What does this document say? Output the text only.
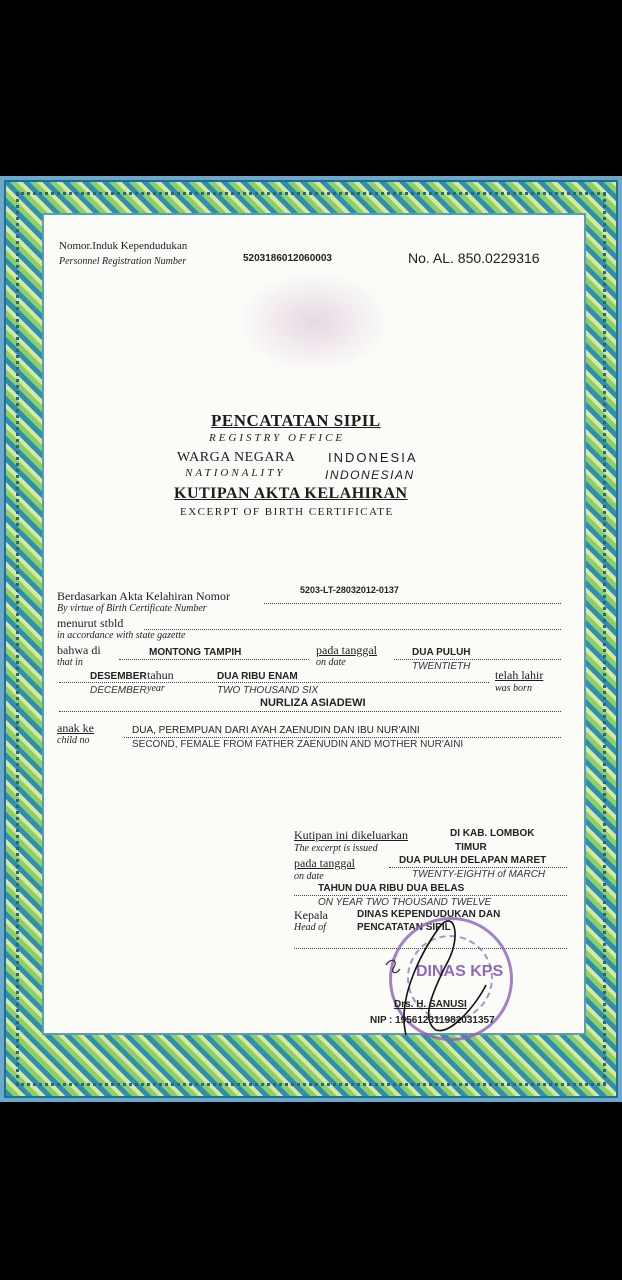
Nomor.Induk Kependudukan
Personnel Registration Number	5203186012060003	No. AL. 850.0229316
PENCATATAN SIPIL
REGISTRY OFFICE
WARGA NEGARA
NATIONALITY
INDONESIA
INDONESIAN
KUTIPAN AKTA KELAHIRAN
EXCERPT OF BIRTH CERTIFICATE
Berdasarkan Akta Kelahiran Nomor
By virtue of Birth Certificate Number
5203-LT-28032012-0137
menurut stbld
in accordance with state gazette
bahwa di
that in
MONTONG TAMPIH	pada tanggal
on date
DUA PULUH
TWENTIETH
DESEMBER
DECEMBER
tahun
year
DUA RIBU ENAM
TWO THOUSAND SIX
telah lahir
was born
NURLIZA ASIADEWI
anak ke
child no
DUA, PEREMPUAN DARI AYAH ZAENUDIN DAN IBU NUR'AINI
SECOND, FEMALE FROM FATHER ZAENUDIN AND MOTHER NUR'AINI
Kutipan ini dikeluarkan
The excerpt is issued
DI KAB. LOMBOK
TIMUR
pada tanggal
on date
DUA PULUH DELAPAN MARET
TWENTY-EIGHTH of MARCH
TAHUN DUA RIBU DUA BELAS
ON YEAR TWO THOUSAND TWELVE
Kepala
Head of
DINAS KEPENDUDUKAN DAN
PENCATATAN SIPIL
DINAS KPS
Drs. H. SANUSI
NIP : 195612311982031357
